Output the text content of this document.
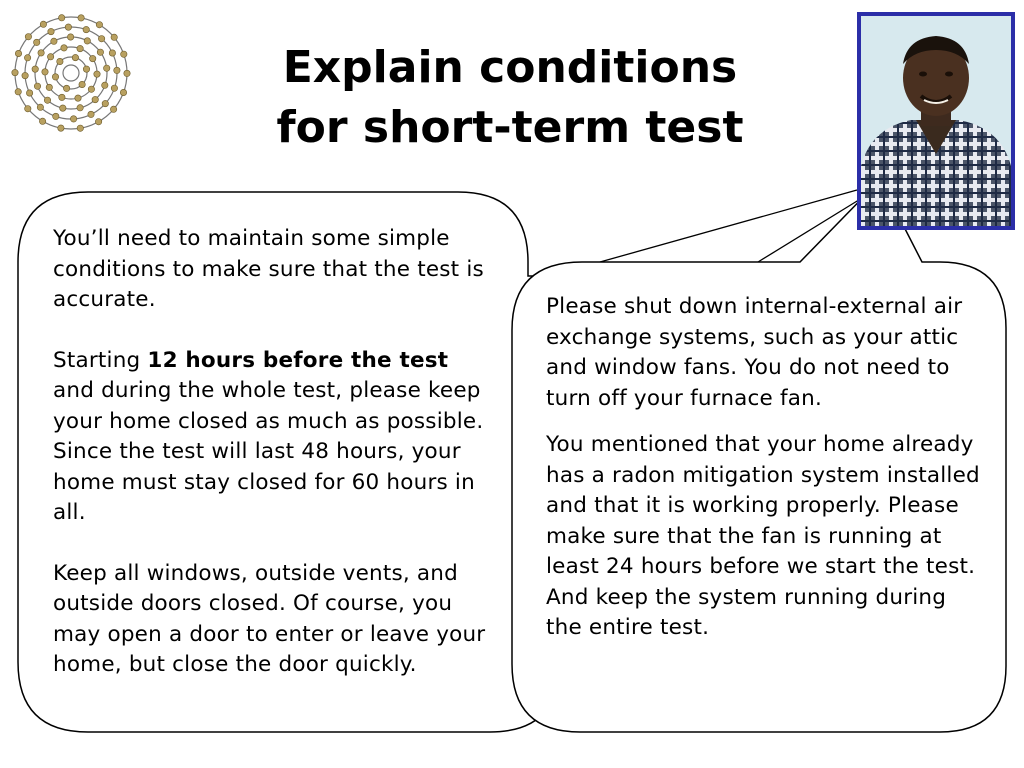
Explain conditions
for short-term test

You’ll need to maintain some simple conditions to make sure that the test is accurate.

Starting 12 hours before the test and during the whole test, please keep your home closed as much as possible. Since the test will last 48 hours, your home must stay closed for 60 hours in all.

Keep all windows, outside vents, and outside doors closed. Of course, you may open a door to enter or leave your home, but close the door quickly.

Please shut down internal-external air exchange systems, such as your attic and window fans. You do not need to turn off your furnace fan.

You mentioned that your home already has a radon mitigation system installed and that it is working properly. Please make sure that the fan is running at least 24 hours before we start the test. And keep the system running during the entire test.
